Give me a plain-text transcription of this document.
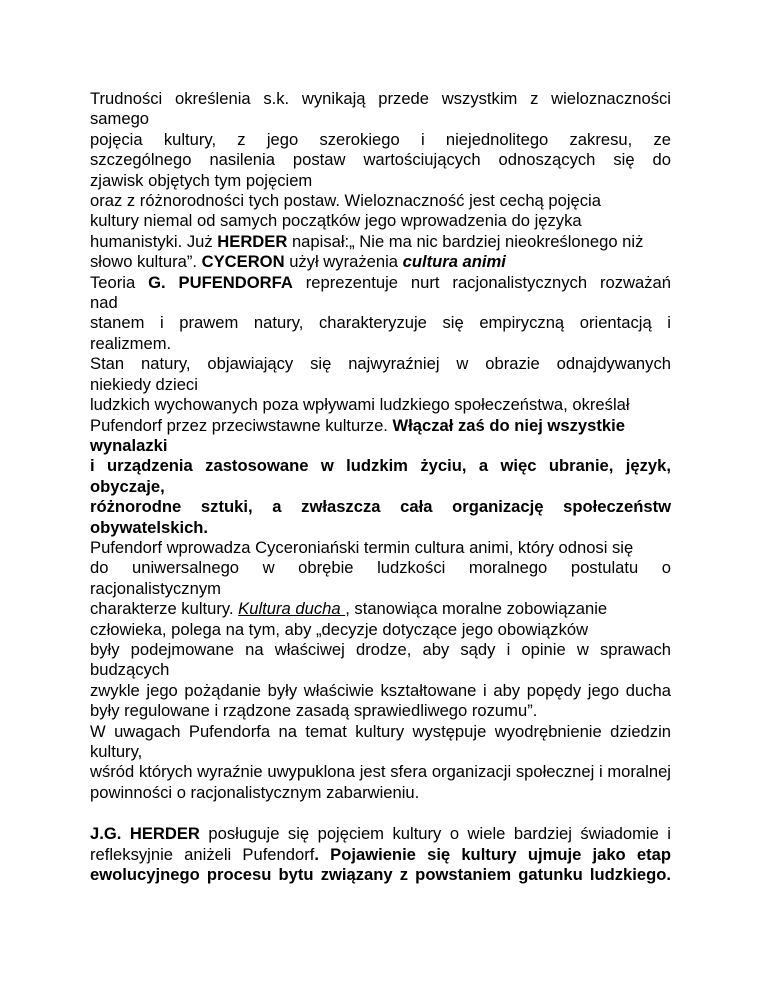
Trudności określenia s.k. wynikają przede wszystkim z wieloznaczności
samego
pojęcia kultury, z jego szerokiego i niejednolitego zakresu, ze
szczególnego nasilenia postaw wartościujących odnoszących się do
zjawisk objętych tym pojęciem
oraz z różnorodności tych postaw. Wieloznaczność jest cechą pojęcia
kultury niemal od samych początków jego wprowadzenia do języka
humanistyki. Już HERDER napisał:„ Nie ma nic bardziej nieokreślonego niż
słowo kultura”. CYCERON użył wyrażenia cultura animi
Teoria G. PUFENDORFA reprezentuje nurt racjonalistycznych rozważań
nad
stanem i prawem natury, charakteryzuje się empiryczną orientacją i
realizmem.
Stan natury, objawiający się najwyraźniej w obrazie odnajdywanych
niekiedy dzieci
ludzkich wychowanych poza wpływami ludzkiego społeczeństwa, określał
Pufendorf przez przeciwstawne kulturze. Włączał zaś do niej wszystkie
wynalazki
i urządzenia zastosowane w ludzkim życiu, a więc ubranie, język,
obyczaje,
różnorodne sztuki, a zwłaszcza cała organizację społeczeństw
obywatelskich.
Pufendorf wprowadza Cyceroniański termin cultura animi, który odnosi się
do uniwersalnego w obrębie ludzkości moralnego postulatu o
racjonalistycznym
charakterze kultury. Kultura ducha , stanowiąca moralne zobowiązanie
człowieka, polega na tym, aby „decyzje dotyczące jego obowiązków
były podejmowane na właściwej drodze, aby sądy i opinie w sprawach
budzących
zwykle jego pożądanie były właściwie kształtowane i aby popędy jego ducha
były regulowane i rządzone zasadą sprawiedliwego rozumu”.
W uwagach Pufendorfa na temat kultury występuje wyodrębnienie dziedzin
kultury,
wśród których wyraźnie uwypuklona jest sfera organizacji społecznej i moralnej
powinności o racjonalistycznym zabarwieniu.
J.G. HERDER posługuje się pojęciem kultury o wiele bardziej świadomie i
refleksyjnie aniżeli Pufendorf. Pojawienie się kultury ujmuje jako etap
ewolucyjnego procesu bytu związany z powstaniem gatunku ludzkiego.
